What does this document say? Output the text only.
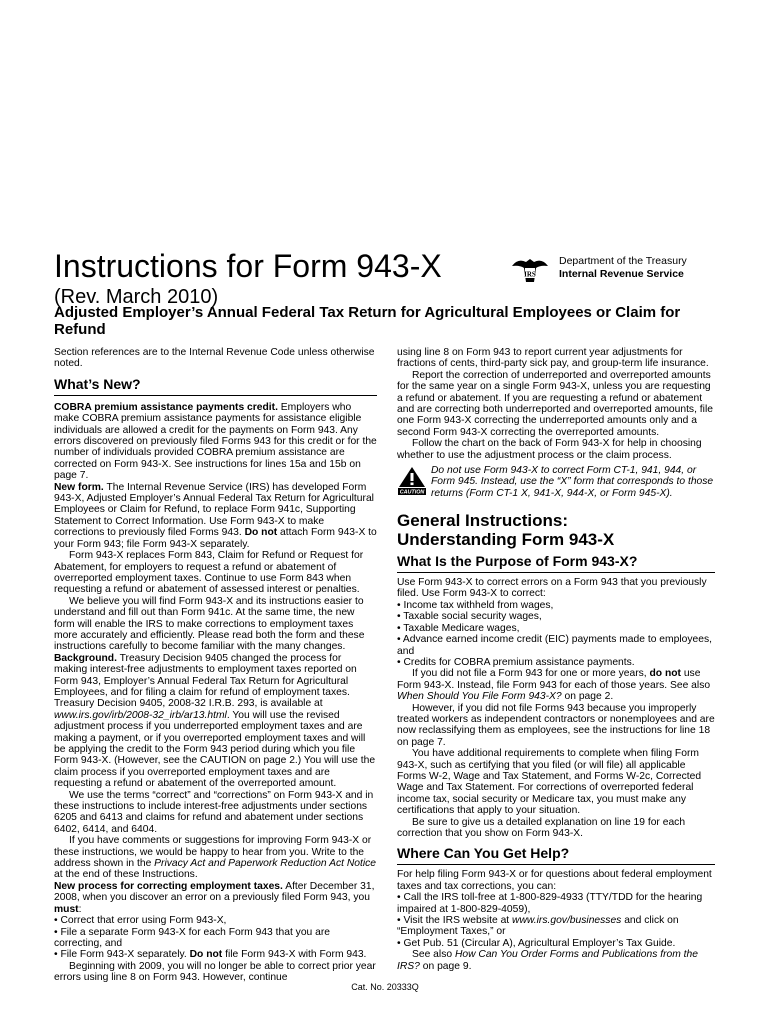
Instructions for Form 943-X
(Rev. March 2010)
Adjusted Employer’s Annual Federal Tax Return for Agricultural Employees or Claim for Refund
IRS
Department of the Treasury
Internal Revenue Service

Section references are to the Internal Revenue Code unless otherwise noted.

What’s New?

COBRA premium assistance payments credit. Employers who make COBRA premium assistance payments for assistance eligible individuals are allowed a credit for the payments on Form 943. Any errors discovered on previously filed Forms 943 for this credit or for the number of individuals provided COBRA premium assistance are corrected on Form 943-X. See instructions for lines 15a and 15b on page 7.

New form. The Internal Revenue Service (IRS) has developed Form 943-X, Adjusted Employer’s Annual Federal Tax Return for Agricultural Employees or Claim for Refund, to replace Form 941c, Supporting Statement to Correct Information. Use Form 943-X to make corrections to previously filed Forms 943. Do not attach Form 943-X to your Form 943; file Form 943-X separately.

Form 943-X replaces Form 843, Claim for Refund or Request for Abatement, for employers to request a refund or abatement of overreported employment taxes. Continue to use Form 843 when requesting a refund or abatement of assessed interest or penalties.

We believe you will find Form 943-X and its instructions easier to understand and fill out than Form 941c. At the same time, the new form will enable the IRS to make corrections to employment taxes more accurately and efficiently. Please read both the form and these instructions carefully to become familiar with the many changes.

Background. Treasury Decision 9405 changed the process for making interest-free adjustments to employment taxes reported on Form 943, Employer’s Annual Federal Tax Return for Agricultural Employees, and for filing a claim for refund of employment taxes. Treasury Decision 9405, 2008-32 I.R.B. 293, is available at www.irs.gov/irb/2008-32_irb/ar13.html. You will use the revised adjustment process if you underreported employment taxes and are making a payment, or if you overreported employment taxes and will be applying the credit to the Form 943 period during which you file Form 943-X. (However, see the CAUTION on page 2.) You will use the claim process if you overreported employment taxes and are requesting a refund or abatement of the overreported amount.

We use the terms “correct” and “corrections” on Form 943-X and in these instructions to include interest-free adjustments under sections 6205 and 6413 and claims for refund and abatement under sections 6402, 6414, and 6404.

If you have comments or suggestions for improving Form 943-X or these instructions, we would be happy to hear from you. Write to the address shown in the Privacy Act and Paperwork Reduction Act Notice at the end of these Instructions.

New process for correcting employment taxes. After December 31, 2008, when you discover an error on a previously filed Form 943, you must:

• Correct that error using Form 943-X,

• File a separate Form 943-X for each Form 943 that you are correcting, and

• File Form 943-X separately. Do not file Form 943-X with Form 943.

Beginning with 2009, you will no longer be able to correct prior year errors using line 8 on Form 943. However, continue

using line 8 on Form 943 to report current year adjustments for fractions of cents, third-party sick pay, and group-term life insurance.

Report the correction of underreported and overreported amounts for the same year on a single Form 943-X, unless you are requesting a refund or abatement. If you are requesting a refund or abatement and are correcting both underreported and overreported amounts, file one Form 943-X correcting the underreported amounts only and a second Form 943-X correcting the overreported amounts.

Follow the chart on the back of Form 943-X for help in choosing whether to use the adjustment process or the claim process.

CAUTION
Do not use Form 943-X to correct Form CT-1, 941, 944, or Form 945. Instead, use the “X” form that corresponds to those returns (Form CT-1 X, 941-X, 944-X, or Form 945-X).
General Instructions:
Understanding Form 943-X
What Is the Purpose of Form 943-X?

Use Form 943-X to correct errors on a Form 943 that you previously filed. Use Form 943-X to correct:

• Income tax withheld from wages,

• Taxable social security wages,

• Taxable Medicare wages,

• Advance earned income credit (EIC) payments made to employees, and

• Credits for COBRA premium assistance payments.

If you did not file a Form 943 for one or more years, do not use Form 943-X. Instead, file Form 943 for each of those years. See also When Should You File Form 943-X? on page 2.

However, if you did not file Forms 943 because you improperly treated workers as independent contractors or nonemployees and are now reclassifying them as employees, see the instructions for line 18 on page 7.

You have additional requirements to complete when filing Form 943-X, such as certifying that you filed (or will file) all applicable Forms W-2, Wage and Tax Statement, and Forms W-2c, Corrected Wage and Tax Statement. For corrections of overreported federal income tax, social security or Medicare tax, you must make any certifications that apply to your situation.

Be sure to give us a detailed explanation on line 19 for each correction that you show on Form 943-X.

Where Can You Get Help?

For help filing Form 943-X or for questions about federal employment taxes and tax corrections, you can:

• Call the IRS toll-free at 1-800-829-4933 (TTY/TDD for the hearing impaired at 1-800-829-4059),

• Visit the IRS website at www.irs.gov/businesses and click on “Employment Taxes,” or

• Get Pub. 51 (Circular A), Agricultural Employer’s Tax Guide.

See also How Can You Order Forms and Publications from the IRS? on page 9.

Cat. No. 20333Q
